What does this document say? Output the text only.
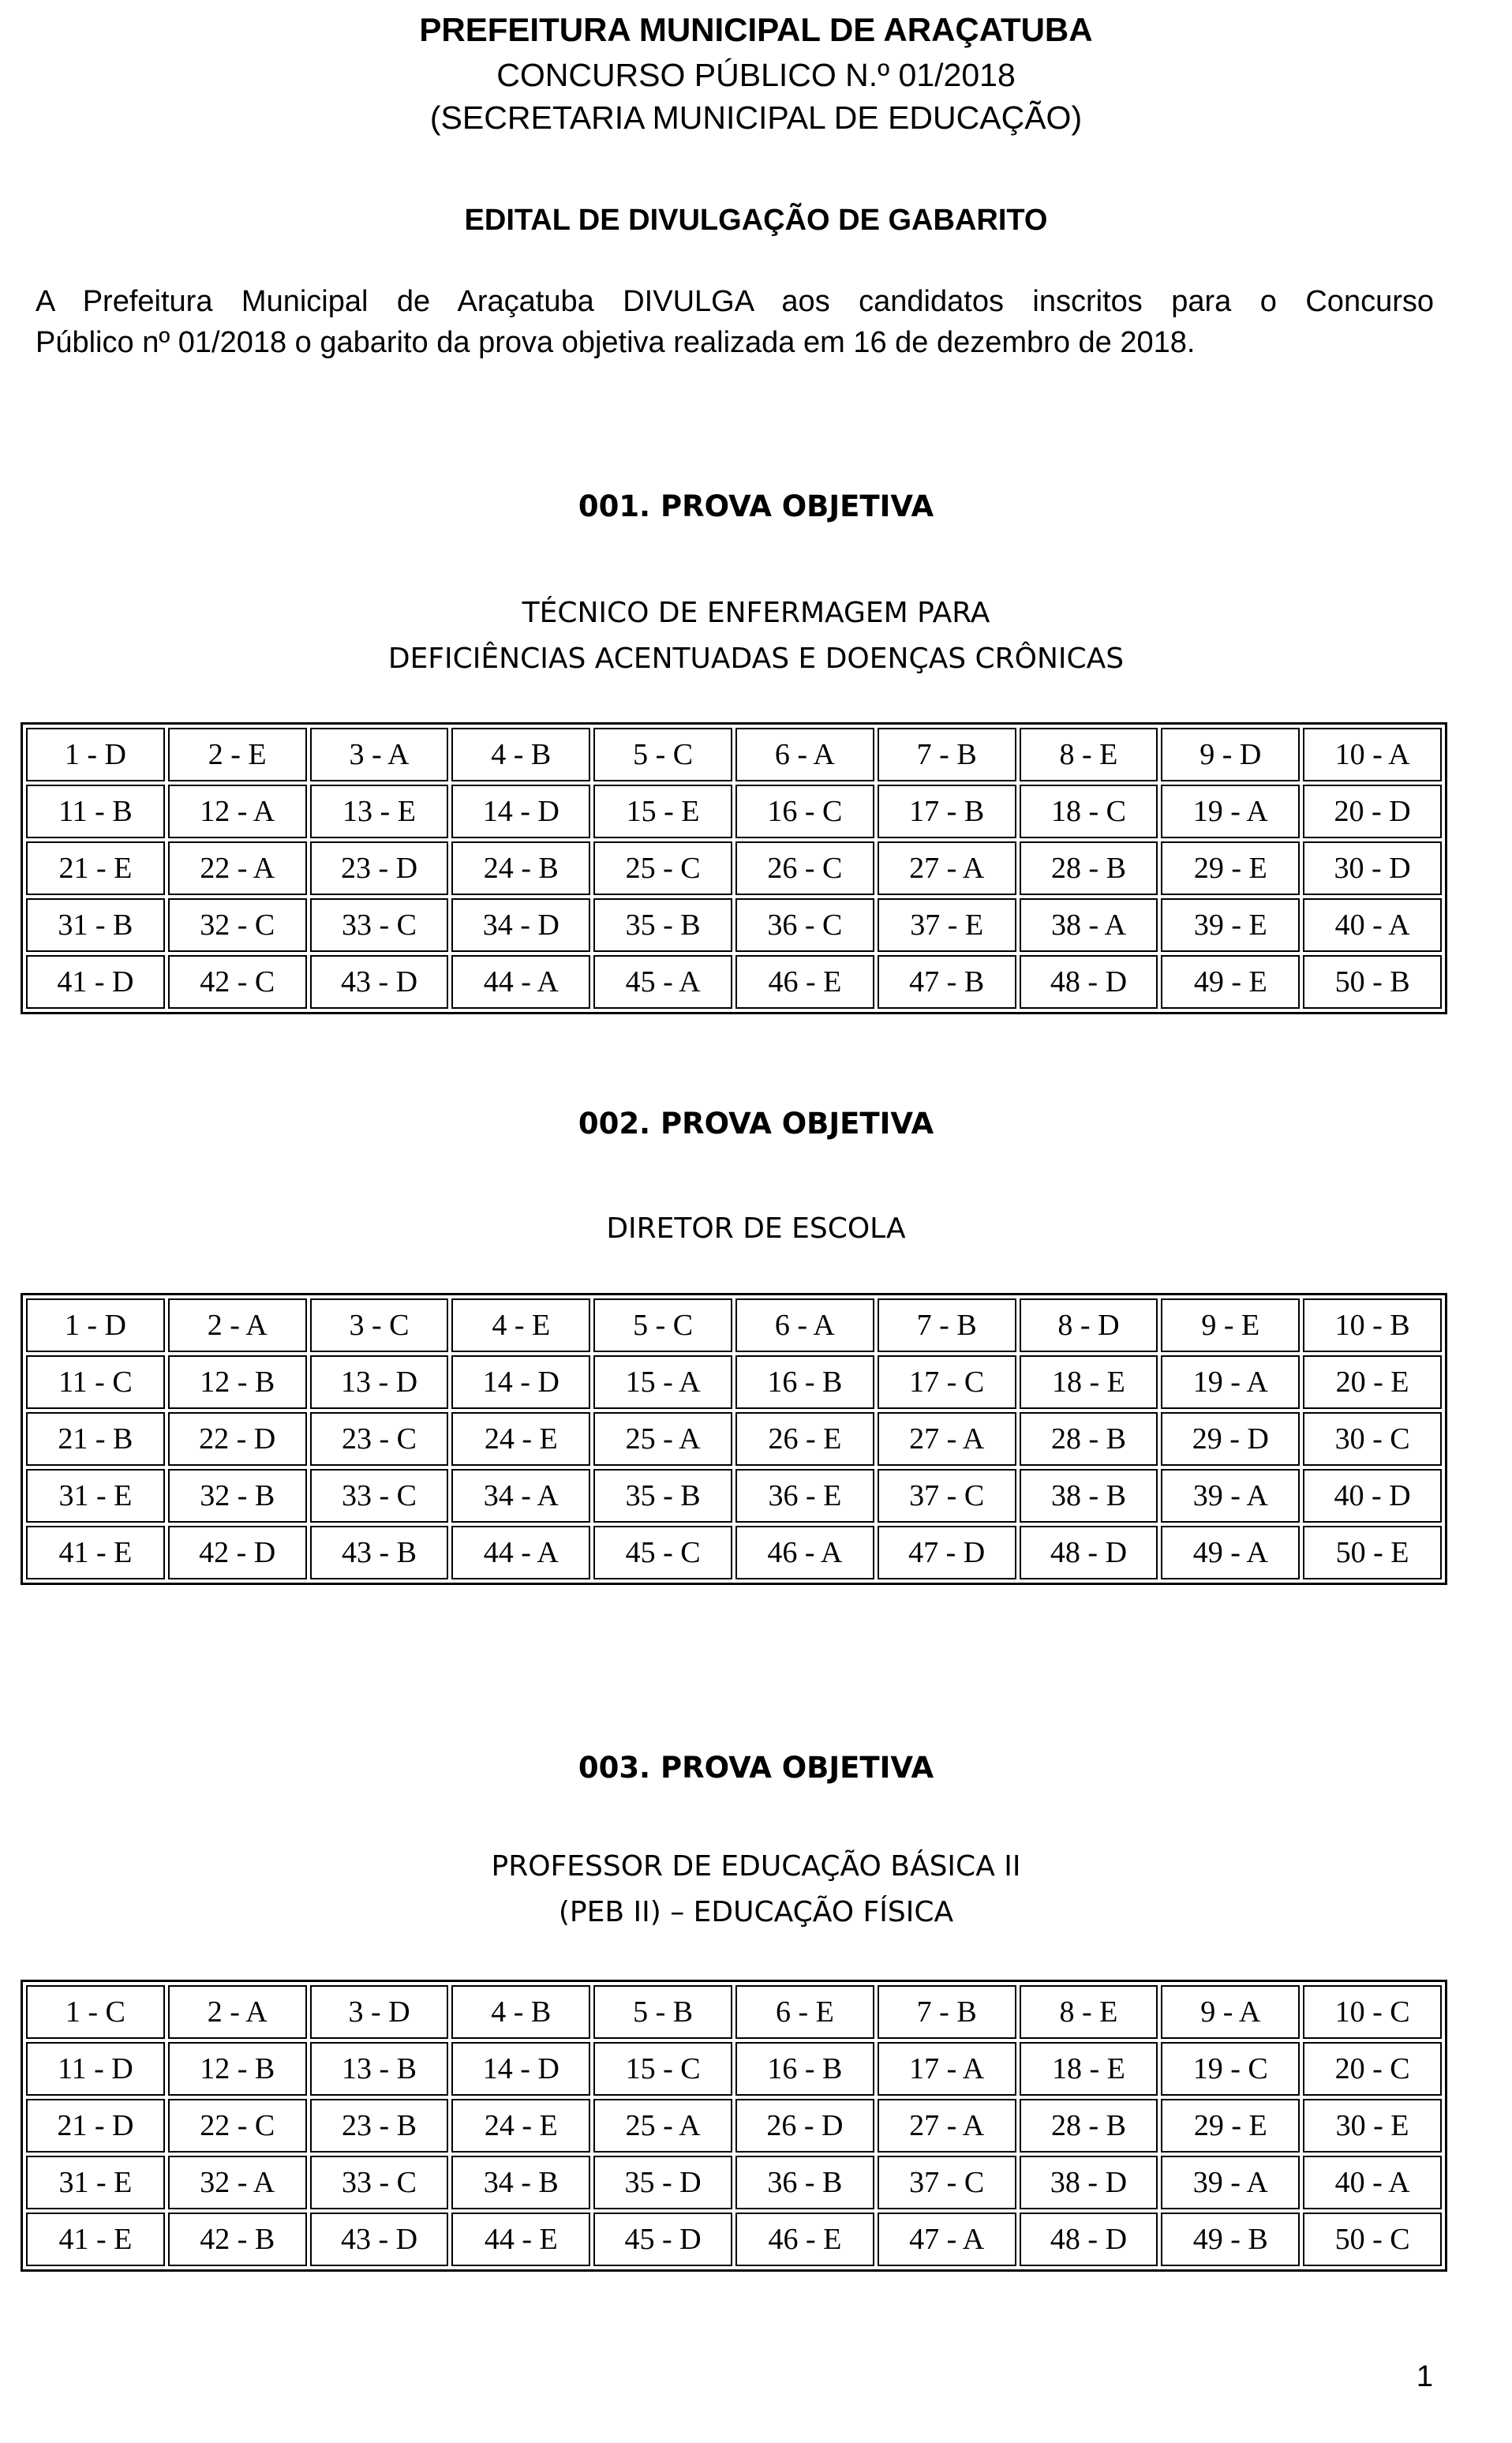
PREFEITURA MUNICIPAL DE ARAÇATUBA
CONCURSO PÚBLICO N.º 01/2018
(SECRETARIA MUNICIPAL DE EDUCAÇÃO)
EDITAL DE DIVULGAÇÃO DE GABARITO
A Prefeitura Municipal de Araçatuba DIVULGA aos candidatos inscritos para o Concurso
Público nº 01/2018 o gabarito da prova objetiva realizada em 16 de dezembro de 2018.
001. PROVA OBJETIVA
TÉCNICO DE ENFERMAGEM PARA
DEFICIÊNCIAS ACENTUADAS E DOENÇAS CRÔNICAS
1 - D	2 - E	3 - A	4 - B	5 - C	6 - A	7 - B	8 - E	9 - D	10 - A
11 - B	12 - A	13 - E	14 - D	15 - E	16 - C	17 - B	18 - C	19 - A	20 - D
21 - E	22 - A	23 - D	24 - B	25 - C	26 - C	27 - A	28 - B	29 - E	30 - D
31 - B	32 - C	33 - C	34 - D	35 - B	36 - C	37 - E	38 - A	39 - E	40 - A
41 - D	42 - C	43 - D	44 - A	45 - A	46 - E	47 - B	48 - D	49 - E	50 - B
002. PROVA OBJETIVA
DIRETOR DE ESCOLA
1 - D	2 - A	3 - C	4 - E	5 - C	6 - A	7 - B	8 - D	9 - E	10 - B
11 - C	12 - B	13 - D	14 - D	15 - A	16 - B	17 - C	18 - E	19 - A	20 - E
21 - B	22 - D	23 - C	24 - E	25 - A	26 - E	27 - A	28 - B	29 - D	30 - C
31 - E	32 - B	33 - C	34 - A	35 - B	36 - E	37 - C	38 - B	39 - A	40 - D
41 - E	42 - D	43 - B	44 - A	45 - C	46 - A	47 - D	48 - D	49 - A	50 - E
003. PROVA OBJETIVA
PROFESSOR DE EDUCAÇÃO BÁSICA II
(PEB II) – EDUCAÇÃO FÍSICA
1 - C	2 - A	3 - D	4 - B	5 - B	6 - E	7 - B	8 - E	9 - A	10 - C
11 - D	12 - B	13 - B	14 - D	15 - C	16 - B	17 - A	18 - E	19 - C	20 - C
21 - D	22 - C	23 - B	24 - E	25 - A	26 - D	27 - A	28 - B	29 - E	30 - E
31 - E	32 - A	33 - C	34 - B	35 - D	36 - B	37 - C	38 - D	39 - A	40 - A
41 - E	42 - B	43 - D	44 - E	45 - D	46 - E	47 - A	48 - D	49 - B	50 - C
1
